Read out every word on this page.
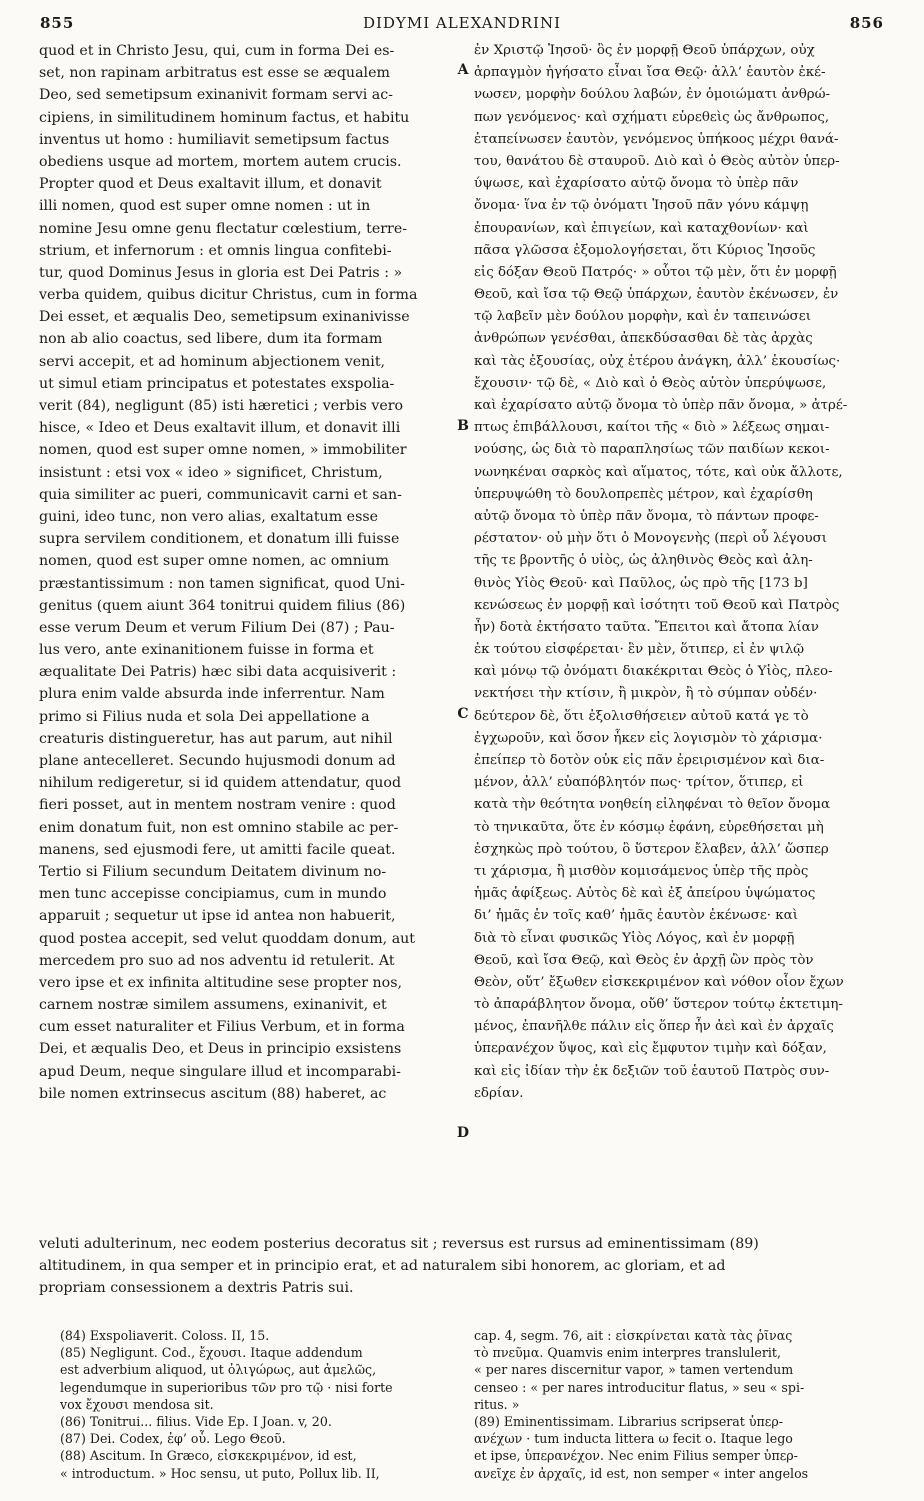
855	DIDYMI ALEXANDRINI	856
quod et in Christo Jesu, qui, cum in forma Dei es-
set, non rapinam arbitratus est esse se æqualem
Deo, sed semetipsum exinanivit formam servi ac-
cipiens, in similitudinem hominum factus, et habitu
inventus ut homo : humiliavit semetipsum factus
obediens usque ad mortem, mortem autem crucis.
Propter quod et Deus exaltavit illum, et donavit
illi nomen, quod est super omne nomen : ut in
nomine Jesu omne genu flectatur cœlestium, terre-
strium, et infernorum : et omnis lingua confitebi-
tur, quod Dominus Jesus in gloria est Dei Patris : »
verba quidem, quibus dicitur Christus, cum in forma
Dei esset, et æqualis Deo, semetipsum exinanivisse
non ab alio coactus, sed libere, dum ita formam
servi accepit, et ad hominum abjectionem venit,
ut simul etiam principatus et potestates exspolia-
verit (84), negligunt (85) isti hæretici ; verbis vero
hisce, « Ideo et Deus exaltavit illum, et donavit illi
nomen, quod est super omne nomen, » immobiliter
insistunt : etsi vox « ideo » significet, Christum,
quia similiter ac pueri, communicavit carni et san-
guini, ideo tunc, non vero alias, exaltatum esse
supra servilem conditionem, et donatum illi fuisse
nomen, quod est super omne nomen, ac omnium
præstantissimum : non tamen significat, quod Uni-
genitus (quem aiunt 364 tonitrui quidem filius (86)
esse verum Deum et verum Filium Dei (87) ; Pau-
lus vero, ante exinanitionem fuisse in forma et
æqualitate Dei Patris) hæc sibi data acquisiverit :
plura enim valde absurda inde inferrentur. Nam
primo si Filius nuda et sola Dei appellatione a
creaturis distingueretur, has aut parum, aut nihil
plane antecelleret. Secundo hujusmodi donum ad
nihilum redigeretur, si id quidem attendatur, quod
fieri posset, aut in mentem nostram venire : quod
enim donatum fuit, non est omnino stabile ac per-
manens, sed ejusmodi fere, ut amitti facile queat.
Tertio si Filium secundum Deitatem divinum no-
men tunc accepisse concipiamus, cum in mundo
apparuit ; sequetur ut ipse id antea non habuerit,
quod postea accepit, sed velut quoddam donum, aut
mercedem pro suo ad nos adventu id retulerit. At
vero ipse et ex infinita altitudine sese propter nos,
carnem nostræ similem assumens, exinanivit, et
cum esset naturaliter et Filius Verbum, et in forma
Dei, et æqualis Deo, et Deus in principio exsistens
apud Deum, neque singulare illud et incomparabi-
bile nomen extrinsecus ascitum (88) haberet, ac
ἐν Χριστῷ Ἰησοῦ· ὃς ἐν μορφῇ Θεοῦ ὑπάρχων, οὐχ
ἁρπαγμὸν ἡγήσατο εἶναι ἴσα Θεῷ· ἀλλ’ ἑαυτὸν ἐκέ-
νωσεν, μορφὴν δούλου λαβών, ἐν ὁμοιώματι ἀνθρώ-
πων γενόμενος· καὶ σχήματι εὑρεθεὶς ὡς ἄνθρωπος,
ἐταπείνωσεν ἑαυτὸν, γενόμενος ὑπήκοος μέχρι θανά-
του, θανάτου δὲ σταυροῦ. Διὸ καὶ ὁ Θεὸς αὐτὸν ὑπερ-
ύψωσε, καὶ ἐχαρίσατο αὐτῷ ὄνομα τὸ ὑπὲρ πᾶν
ὄνομα· ἵνα ἐν τῷ ὀνόματι Ἰησοῦ πᾶν γόνυ κάμψῃ
ἐπουρανίων, καὶ ἐπιγείων, καὶ καταχθονίων· καὶ
πᾶσα γλῶσσα ἐξομολογήσεται, ὅτι Κύριος Ἰησοῦς
εἰς δόξαν Θεοῦ Πατρός· » οὗτοι τῷ μὲν, ὅτι ἐν μορφῇ
Θεοῦ, καὶ ἴσα τῷ Θεῷ ὑπάρχων, ἑαυτὸν ἐκένωσεν, ἐν
τῷ λαβεῖν μὲν δούλου μορφὴν, καὶ ἐν ταπεινώσει
ἀνθρώπων γενέσθαι, ἀπεκδύσασθαι δὲ τὰς ἀρχὰς
καὶ τὰς ἐξουσίας, οὐχ ἑτέρου ἀνάγκη, ἀλλ’ ἑκουσίως·
ἔχουσιν· τῷ δὲ, « Διὸ καὶ ὁ Θεὸς αὐτὸν ὑπερύψωσε,
καὶ ἐχαρίσατο αὐτῷ ὄνομα τὸ ὑπὲρ πᾶν ὄνομα, » ἀτρέ-
πτως ἐπιβάλλουσι, καίτοι τῆς « διὸ » λέξεως σημαι-
νούσης, ὡς διὰ τὸ παραπλησίως τῶν παιδίων κεκοι-
νωνηκέναι σαρκὸς καὶ αἵματος, τότε, καὶ οὐκ ἄλλοτε,
ὑπερυψώθη τὸ δουλοπρεπὲς μέτρον, καὶ ἐχαρίσθη
αὐτῷ ὄνομα τὸ ὑπὲρ πᾶν ὄνομα, τὸ πάντων προφε-
ρέστατον· οὐ μὴν ὅτι ὁ Μονογενὴς (περὶ οὗ λέγουσι
τῆς τε βροντῆς ὁ υἱὸς, ὡς ἀληθινὸς Θεὸς καὶ ἀλη-
θινὸς Υἱὸς Θεοῦ· καὶ Παῦλος, ὡς πρὸ τῆς [173 b]
κενώσεως ἐν μορφῇ καὶ ἰσότητι τοῦ Θεοῦ καὶ Πατρὸς
ἦν) δοτὰ ἐκτήσατο ταῦτα. Ἔπειτοι καὶ ἄτοπα λίαν
ἐκ τούτου εἰσφέρεται· ἓν μὲν, ὅτιπερ, εἰ ἐν ψιλῷ
καὶ μόνῳ τῷ ὀνόματι διακέκριται Θεὸς ὁ Υἱὸς, πλεο-
νεκτήσει τὴν κτίσιν, ἢ μικρὸν, ἢ τὸ σύμπαν οὐδέν·
δεύτερον δὲ, ὅτι ἐξολισθήσειεν αὐτοῦ κατά γε τὸ
ἐγχωροῦν, καὶ ὅσον ἧκεν εἰς λογισμὸν τὸ χάρισμα·
ἐπείπερ τὸ δοτὸν οὐκ εἰς πᾶν ἐρειρισμένον καὶ δια-
μένον, ἀλλ’ εὐαπόβλητόν πως· τρίτον, ὅτιπερ, εἰ
κατὰ τὴν θεότητα νοηθείη εἰληφέναι τὸ θεῖον ὄνομα
τὸ τηνικαῦτα, ὅτε ἐν κόσμῳ ἐφάνη, εὑρεθήσεται μὴ
ἐσχηκὼς πρὸ τούτου, ὃ ὕστερον ἔλαβεν, ἀλλ’ ὥσπερ
τι χάρισμα, ἢ μισθὸν κομισάμενος ὑπὲρ τῆς πρὸς
ἡμᾶς ἀφίξεως. Αὐτὸς δὲ καὶ ἐξ ἀπείρου ὑψώματος
δι’ ἡμᾶς ἐν τοῖς καθ’ ἡμᾶς ἑαυτὸν ἐκένωσε· καὶ
διὰ τὸ εἶναι φυσικῶς Υἱὸς Λόγος, καὶ ἐν μορφῇ
Θεοῦ, καὶ ἴσα Θεῷ, καὶ Θεὸς ἐν ἀρχῇ ὢν πρὸς τὸν
Θεὸν, οὔτ’ ἔξωθεν εἰσκεκριμένον καὶ νόθον οἷον ἔχων
τὸ ἀπαράβλητον ὄνομα, οὔθ’ ὕστερον τούτῳ ἐκτετιμη-
μένος, ἐπανῆλθε πάλιν εἰς ὅπερ ἦν ἀεὶ καὶ ἐν ἀρχαῖς
ὑπερανέχον ὕψος, καὶ εἰς ἔμφυτον τιμὴν καὶ δόξαν,
καὶ εἰς ἰδίαν τὴν ἐκ δεξιῶν τοῦ ἑαυτοῦ Πατρὸς συν-
εδρίαν.
A
B
C
D
veluti adulterinum, nec eodem posterius decoratus sit ; reversus est rursus ad eminentissimam (89)
altitudinem, in qua semper et in principio erat, et ad naturalem sibi honorem, ac gloriam, et ad
propriam consessionem a dextris Patris sui.
(84) Exspoliaverit. Coloss. II, 15.
(85) Negligunt. Cod., ἔχουσι. Itaque addendum
est adverbium aliquod, ut ὀλιγώρως, aut ἀμελῶς,
legendumque in superioribus τῶν pro τῷ · nisi forte
vox ἔχουσι mendosa sit.
(86) Tonitrui... filius. Vide Ep. I Joan. v, 20.
(87) Dei. Codex, ἐφ’ οὗ. Lego Θεοῦ.
(88) Ascitum. In Græco, εἰσκεκριμένον, id est,
« introductum. » Hoc sensu, ut puto, Pollux lib. II,
cap. 4, segm. 76, ait : εἰσκρίνεται κατὰ τὰς ῥῖνας
τὸ πνεῦμα. Quamvis enim interpres translulerit,
« per nares discernitur vapor, » tamen vertendum
censeo : « per nares introducitur flatus, » seu « spi-
ritus. »
(89) Eminentissimam. Librarius scripserat ὑπερ-
ανέχων · tum inducta littera ω fecit ο. Itaque lego
et ipse, ὑπερανέχον. Nec enim Filius semper ὑπερ-
ανεῖχε ἐν ἀρχαῖς, id est, non semper « inter angelos
